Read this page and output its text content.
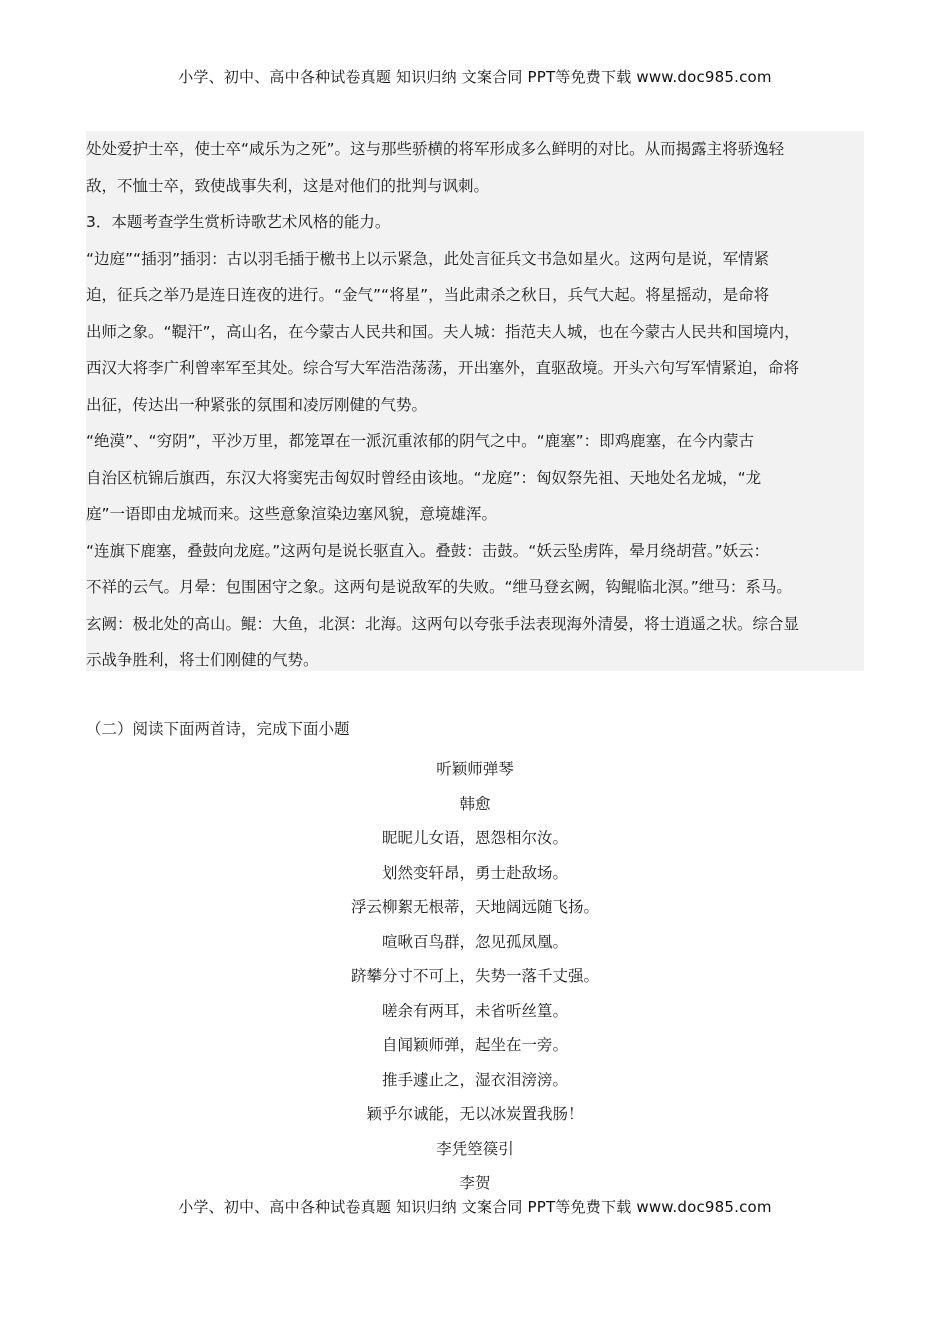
小学、初中、高中各种试卷真题 知识归纳 文案合同 PPT等免费下载 www.doc985.com

处处爱护士卒，使士卒“咸乐为之死”。这与那些骄横的将军形成多么鲜明的对比。从而揭露主将骄逸轻

敌，不恤士卒，致使战事失利，这是对他们的批判与讽刺。

3．本题考查学生赏析诗歌艺术风格的能力。

“边庭”“插羽”插羽：古以羽毛插于檄书上以示紧急，此处言征兵文书急如星火。这两句是说，军情紧

迫，征兵之举乃是连日连夜的进行。“金气”“将星”，当此肃杀之秋日，兵气大起。将星摇动，是命将

出师之象。“鞮汗”，高山名，在今蒙古人民共和国。夫人城：指范夫人城，也在今蒙古人民共和国境内，

西汉大将李广利曾率军至其处。综合写大军浩浩荡荡，开出塞外，直驱敌境。开头六句写军情紧迫，命将

出征，传达出一种紧张的氛围和凌厉刚健的气势。

“绝漠”、“穷阴”，平沙万里，都笼罩在一派沉重浓郁的阴气之中。“鹿塞”：即鸡鹿塞，在今内蒙古

自治区杭锦后旗西，东汉大将窦宪击匈奴时曾经由该地。“龙庭”：匈奴祭先祖、天地处名龙城，“龙

庭”一语即由龙城而来。这些意象渲染边塞风貌，意境雄浑。

“连旗下鹿塞，叠鼓向龙庭。”这两句是说长驱直入。叠鼓：击鼓。“妖云坠虏阵，晕月绕胡营。”妖云：

不祥的云气。月晕：包围困守之象。这两句是说敌军的失败。“绁马登玄阙，钩鲲临北溟。”绁马：系马。

玄阙：极北处的高山。鲲：大鱼，北溟：北海。这两句以夸张手法表现海外清晏，将士逍遥之状。综合显

示战争胜利，将士们刚健的气势。

（二）阅读下面两首诗，完成下面小题
听颖师弹琴
韩愈
昵昵儿女语，恩怨相尔汝。
划然变轩昂，勇士赴敌场。
浮云柳絮无根蒂，天地阔远随飞扬。
喧啾百鸟群，忽见孤凤凰。
跻攀分寸不可上，失势一落千丈强。
嗟余有两耳，未省听丝篁。
自闻颖师弹，起坐在一旁。
推手遽止之，湿衣泪滂滂。
颖乎尔诚能，无以冰炭置我肠！
李凭箜篌引
李贺
小学、初中、高中各种试卷真题 知识归纳 文案合同 PPT等免费下载 www.doc985.com
